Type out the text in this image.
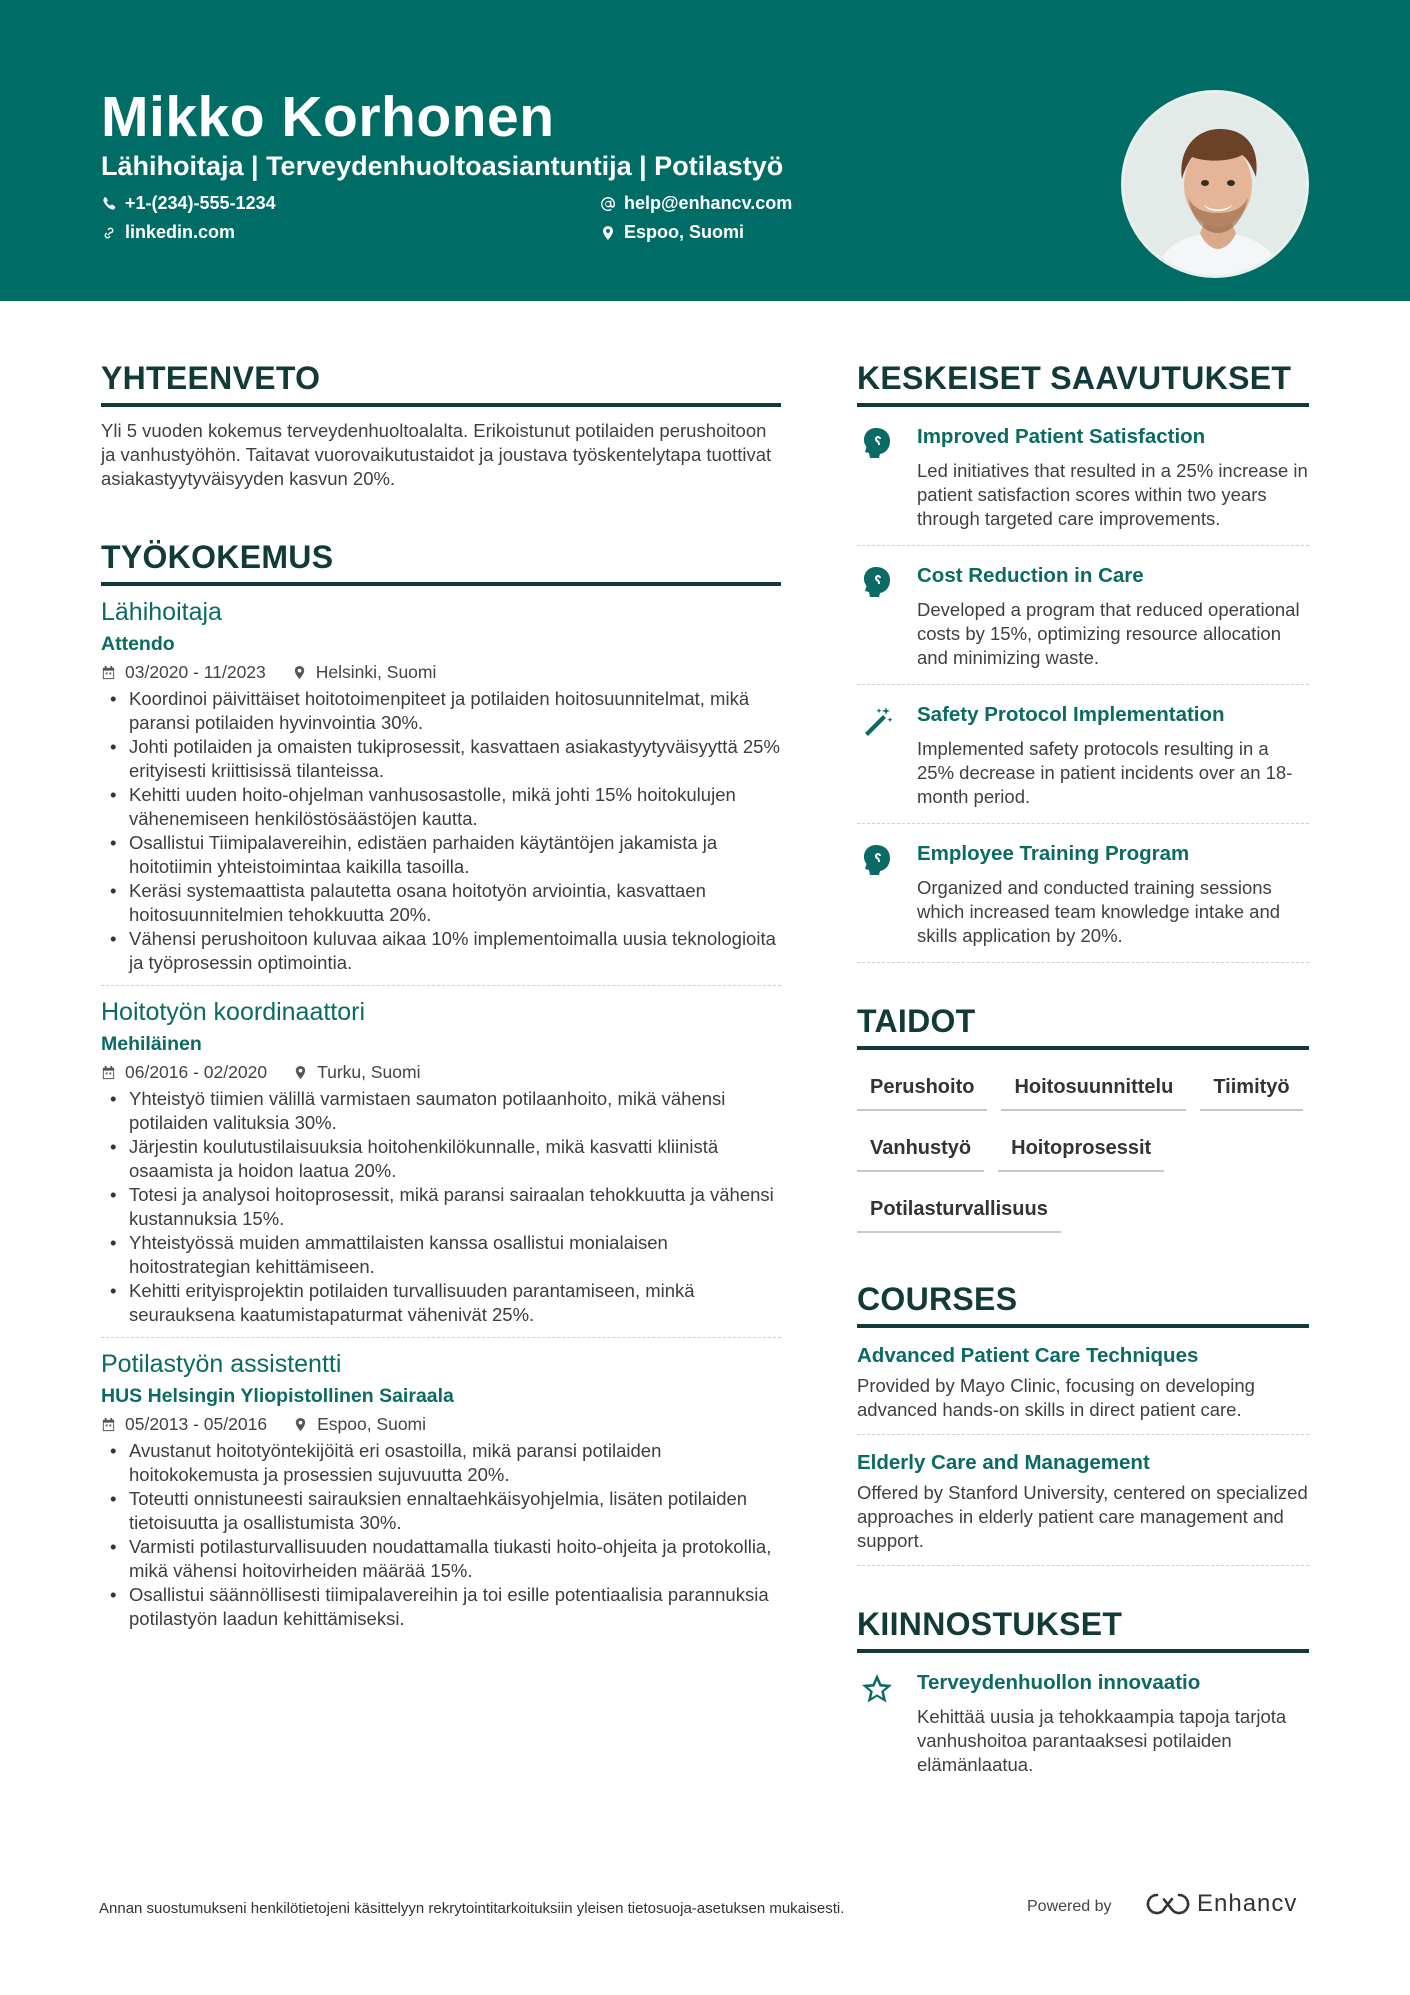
Mikko Korhonen
Lähihoitaja | Terveydenhuoltoasiantuntija | Potilastyö
+1-(234)-555-1234	help@enhancv.com
linkedin.com	Espoo, Suomi
YHTEENVETO
Yli 5 vuoden kokemus terveydenhuoltoalalta. Erikoistunut potilaiden perushoitoon ja vanhustyöhön. Taitavat vuorovaikutustaidot ja joustava työskentelytapa tuottivat asiakastyytyväisyyden kasvun 20%.
TYÖKOKEMUS
Lähihoitaja
Attendo
03/2020 - 11/2023	Helsinki, Suomi
• Koordinoi päivittäiset hoitotoimenpiteet ja potilaiden hoitosuunnitelmat, mikä paransi potilaiden hyvinvointia 30%.
• Johti potilaiden ja omaisten tukiprosessit, kasvattaen asiakastyytyväisyyttä 25% erityisesti kriittisissä tilanteissa.
• Kehitti uuden hoito-ohjelman vanhusosastolle, mikä johti 15% hoitokulujen vähenemiseen henkilöstösäästöjen kautta.
• Osallistui Tiimipalavereihin, edistäen parhaiden käytäntöjen jakamista ja hoitotiimin yhteistoimintaa kaikilla tasoilla.
• Keräsi systemaattista palautetta osana hoitotyön arviointia, kasvattaen hoitosuunnitelmien tehokkuutta 20%.
• Vähensi perushoitoon kuluvaa aikaa 10% implementoimalla uusia teknologioita ja työprosessin optimointia.
Hoitotyön koordinaattori
Mehiläinen
06/2016 - 02/2020	Turku, Suomi
• Yhteistyö tiimien välillä varmistaen saumaton potilaanhoito, mikä vähensi potilaiden valituksia 30%.
• Järjestin koulutustilaisuuksia hoitohenkilökunnalle, mikä kasvatti kliinistä osaamista ja hoidon laatua 20%.
• Totesi ja analysoi hoitoprosessit, mikä paransi sairaalan tehokkuutta ja vähensi kustannuksia 15%.
• Yhteistyössä muiden ammattilaisten kanssa osallistui monialaisen hoitostrategian kehittämiseen.
• Kehitti erityisprojektin potilaiden turvallisuuden parantamiseen, minkä seurauksena kaatumistapaturmat vähenivät 25%.
Potilastyön assistentti
HUS Helsingin Yliopistollinen Sairaala
05/2013 - 05/2016	Espoo, Suomi
• Avustanut hoitotyöntekijöitä eri osastoilla, mikä paransi potilaiden hoitokokemusta ja prosessien sujuvuutta 20%.
• Toteutti onnistuneesti sairauksien ennaltaehkäisyohjelmia, lisäten potilaiden tietoisuutta ja osallistumista 30%.
• Varmisti potilasturvallisuuden noudattamalla tiukasti hoito-ohjeita ja protokollia, mikä vähensi hoitovirheiden määrää 15%.
• Osallistui säännöllisesti tiimipalavereihin ja toi esille potentiaalisia parannuksia potilastyön laadun kehittämiseksi.
KESKEISET SAAVUTUKSET
Improved Patient Satisfaction
Led initiatives that resulted in a 25% increase in patient satisfaction scores within two years through targeted care improvements.
Cost Reduction in Care
Developed a program that reduced operational costs by 15%, optimizing resource allocation and minimizing waste.
Safety Protocol Implementation
Implemented safety protocols resulting in a 25% decrease in patient incidents over an 18-month period.
Employee Training Program
Organized and conducted training sessions which increased team knowledge intake and skills application by 20%.
TAIDOT
Perushoito	Hoitosuunnittelu	Tiimityö
Vanhustyö	Hoitoprosessit
Potilasturvallisuus
COURSES
Advanced Patient Care Techniques
Provided by Mayo Clinic, focusing on developing advanced hands-on skills in direct patient care.
Elderly Care and Management
Offered by Stanford University, centered on specialized approaches in elderly patient care management and support.
KIINNOSTUKSET
Terveydenhuollon innovaatio
Kehittää uusia ja tehokkaampia tapoja tarjota vanhushoitoa parantaaksesi potilaiden elämänlaatua.
Annan suostumukseni henkilötietojeni käsittelyyn rekrytointitarkoituksiin yleisen tietosuoja-asetuksen mukaisesti.	Powered by	Enhancv
